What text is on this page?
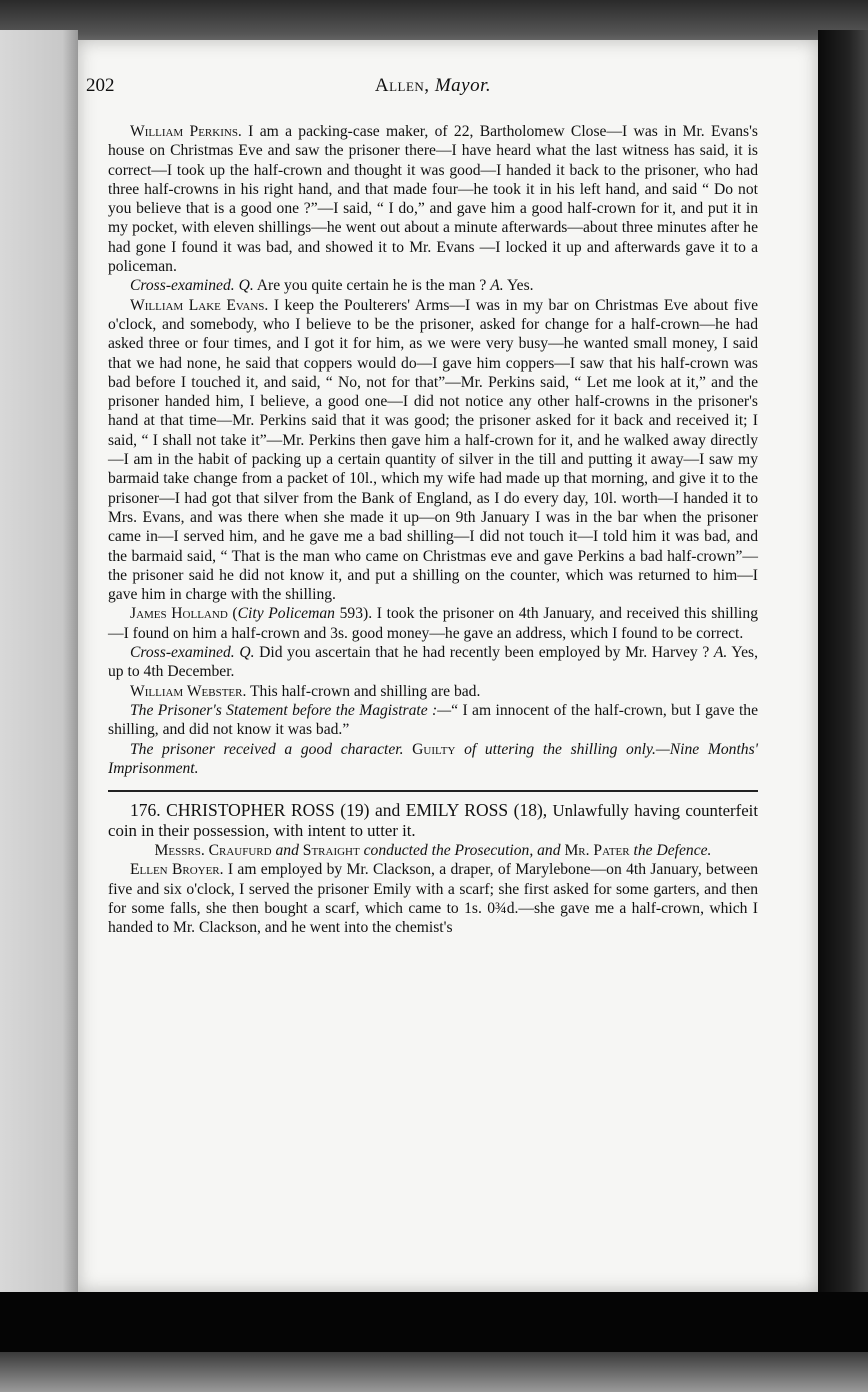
202	Allen, Mayor.

William Perkins. I am a packing-case maker, of 22, Bartholomew Close—I was in Mr. Evans's house on Christmas Eve and saw the prisoner there—I have heard what the last witness has said, it is correct—I took up the half-crown and thought it was good—I handed it back to the prisoner, who had three half-crowns in his right hand, and that made four—he took it in his left hand, and said “ Do not you believe that is a good one ?”—I said, “ I do,” and gave him a good half-crown for it, and put it in my pocket, with eleven shillings—he went out about a minute afterwards—about three minutes after he had gone I found it was bad, and showed it to Mr. Evans —I locked it up and afterwards gave it to a policeman.

Cross-examined. Q. Are you quite certain he is the man ? A. Yes.

William Lake Evans. I keep the Poulterers' Arms—I was in my bar on Christmas Eve about five o'clock, and somebody, who I believe to be the prisoner, asked for change for a half-crown—he had asked three or four times, and I got it for him, as we were very busy—he wanted small money, I said that we had none, he said that coppers would do—I gave him coppers—I saw that his half-crown was bad before I touched it, and said, “ No, not for that”—Mr. Perkins said, “ Let me look at it,” and the prisoner handed him, I believe, a good one—I did not notice any other half-crowns in the prisoner's hand at that time—Mr. Perkins said that it was good; the prisoner asked for it back and received it; I said, “ I shall not take it”—Mr. Perkins then gave him a half-crown for it, and he walked away directly—I am in the habit of packing up a certain quantity of silver in the till and putting it away—I saw my barmaid take change from a packet of 10l., which my wife had made up that morning, and give it to the prisoner—I had got that silver from the Bank of England, as I do every day, 10l. worth—I handed it to Mrs. Evans, and was there when she made it up—on 9th January I was in the bar when the prisoner came in—I served him, and he gave me a bad shilling—I did not touch it—I told him it was bad, and the barmaid said, “ That is the man who came on Christmas eve and gave Perkins a bad half-crown”—the prisoner said he did not know it, and put a shilling on the counter, which was returned to him—I gave him in charge with the shilling.

James Holland (City Policeman 593). I took the prisoner on 4th January, and received this shilling—I found on him a half-crown and 3s. good money—he gave an address, which I found to be correct.

Cross-examined. Q. Did you ascertain that he had recently been employed by Mr. Harvey ? A. Yes, up to 4th December.

William Webster. This half-crown and shilling are bad.

The Prisoner's Statement before the Magistrate :—“ I am innocent of the half-crown, but I gave the shilling, and did not know it was bad.”

The prisoner received a good character. Guilty of uttering the shilling only.—Nine Months' Imprisonment.

176. CHRISTOPHER ROSS (19) and EMILY ROSS (18), Unlawfully having counterfeit coin in their possession, with intent to utter it.

Messrs. Craufurd and Straight conducted the Prosecution, and Mr. Pater the Defence.

Ellen Broyer. I am employed by Mr. Clackson, a draper, of Marylebone—on 4th January, between five and six o'clock, I served the prisoner Emily with a scarf; she first asked for some garters, and then for some falls, she then bought a scarf, which came to 1s. 0¾d.—she gave me a half-crown, which I handed to Mr. Clackson, and he went into the chemist's
